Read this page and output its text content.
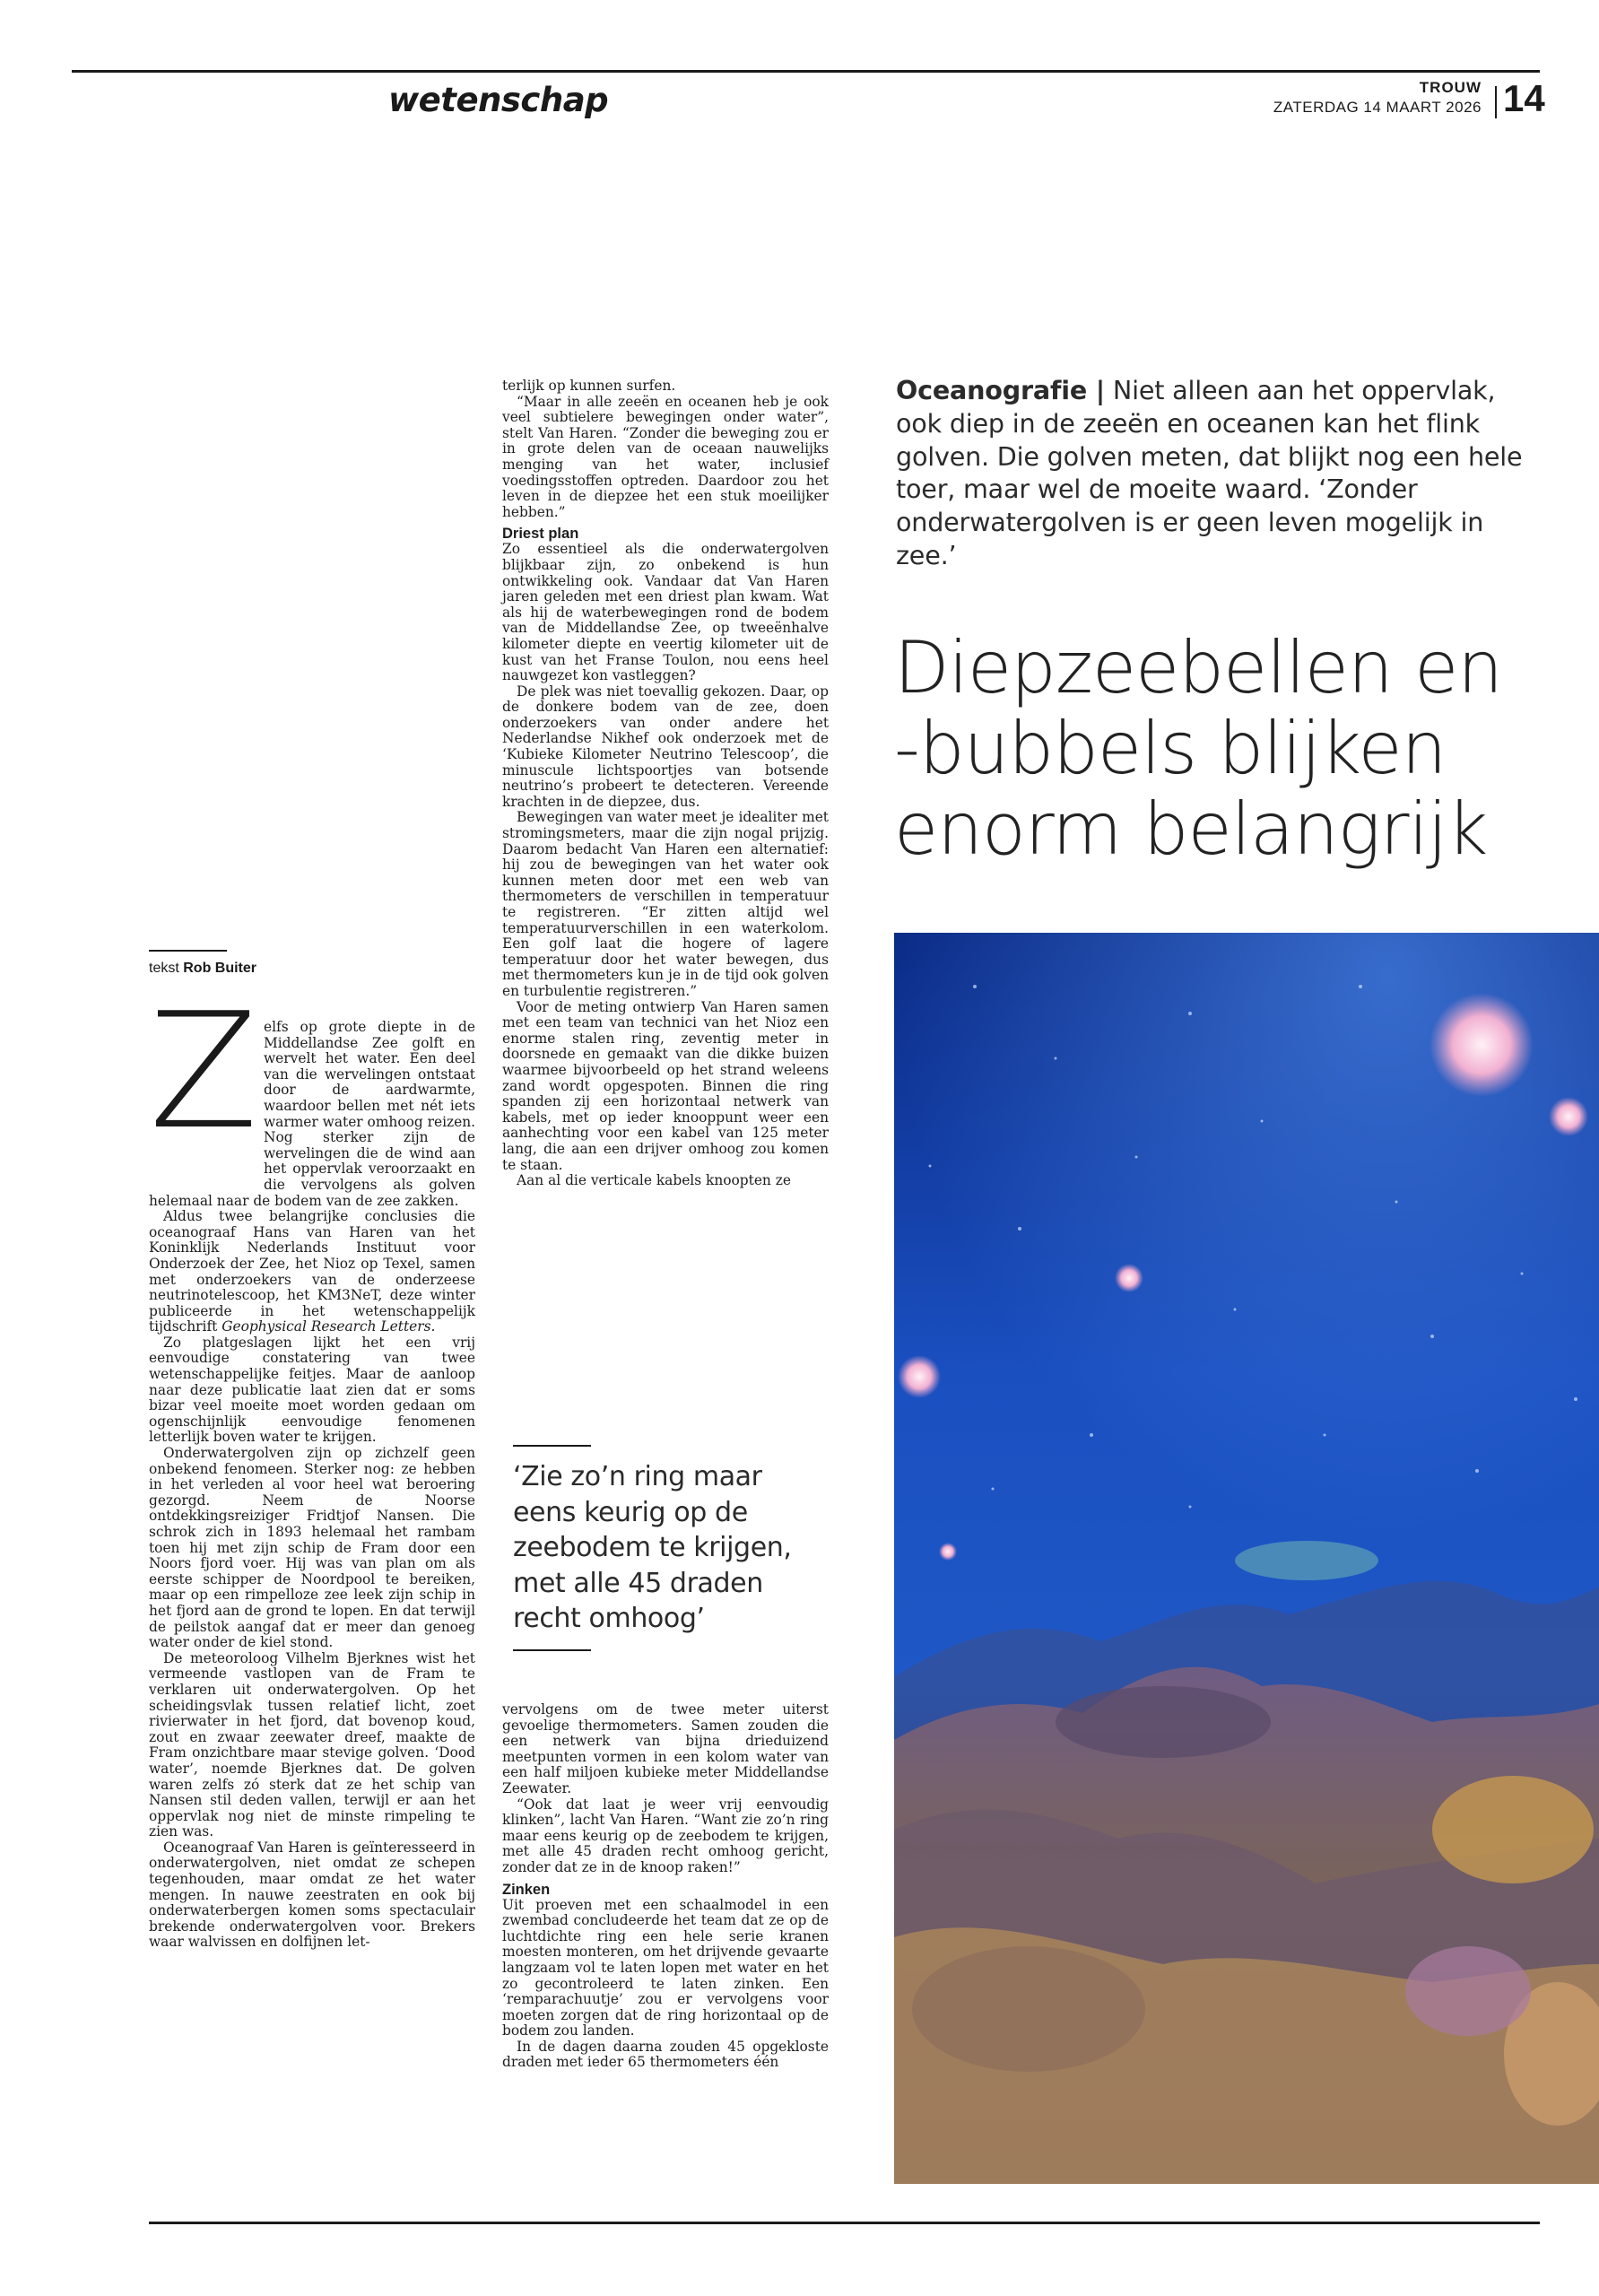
wetenschap	TROUW
ZATERDAG 14 MAART 2026 14
Oceanografie | Niet alleen aan het oppervlak, ook diep in de zeeën en oceanen kan het flink golven. Die golven meten, dat blijkt nog een hele toer, maar wel de moeite waard. ‘Zonder onderwatergolven is er geen leven mogelijk in zee.’
Diepzeebellen en
-bubbels blijken
enorm belangrijk
tekst Rob Buiter
Z elfs op grote diepte in de Middellandse Zee golft en wervelt het water. Een deel van die wervelingen ontstaat door de aardwarmte, waardoor bellen met nét iets warmer water omhoog reizen. Nog sterker zijn de wervelingen die de wind aan het oppervlak veroorzaakt en die vervolgens als golven helemaal naar de bodem van de zee zakken.

Aldus twee belangrijke conclusies die oceanograaf Hans van Haren van het Koninklijk Nederlands Instituut voor Onderzoek der Zee, het Nioz op Texel, samen met onderzoekers van de onderzeese neutrinotelescoop, het KM3NeT, deze winter publiceerde in het wetenschappelijk tijdschrift Geophysical Research Letters.

Zo platgeslagen lijkt het een vrij eenvoudige constatering van twee wetenschappelijke feitjes. Maar de aanloop naar deze publicatie laat zien dat er soms bizar veel moeite moet worden gedaan om ogenschijnlijk eenvoudige fenomenen letterlijk boven water te krijgen.

Onderwatergolven zijn op zichzelf geen onbekend fenomeen. Sterker nog: ze hebben in het verleden al voor heel wat beroering gezorgd. Neem de Noorse ontdekkingsreiziger Fridtjof Nansen. Die schrok zich in 1893 helemaal het rambam toen hij met zijn schip de Fram door een Noors fjord voer. Hij was van plan om als eerste schipper de Noordpool te bereiken, maar op een rimpelloze zee leek zijn schip in het fjord aan de grond te lopen. En dat terwijl de peilstok aangaf dat er meer dan genoeg water onder de kiel stond.

De meteoroloog Vilhelm Bjerknes wist het vermeende vastlopen van de Fram te verklaren uit onderwatergolven. Op het scheidingsvlak tussen relatief licht, zoet rivierwater in het fjord, dat bovenop koud, zout en zwaar zeewater dreef, maakte de Fram onzichtbare maar stevige golven. ‘Dood water’, noemde Bjerknes dat. De golven waren zelfs zó sterk dat ze het schip van Nansen stil deden vallen, terwijl er aan het oppervlak nog niet de minste rimpeling te zien was.

Oceanograaf Van Haren is geïnteresseerd in onderwatergolven, niet omdat ze schepen tegenhouden, maar omdat ze het water mengen. In nauwe zeestraten en ook bij onderwaterbergen komen soms spectaculair brekende onderwatergolven voor. Brekers waar walvissen en dolfijnen let-

terlijk op kunnen surfen.

“Maar in alle zeeën en oceanen heb je ook veel subtielere bewegingen onder water”, stelt Van Haren. “Zonder die beweging zou er in grote delen van de oceaan nauwelijks menging van het water, inclusief voedingsstoffen optreden. Daardoor zou het leven in de diepzee het een stuk moeilijker hebben.”

Driest plan

Zo essentieel als die onderwatergolven blijkbaar zijn, zo onbekend is hun ontwikkeling ook. Vandaar dat Van Haren jaren geleden met een driest plan kwam. Wat als hij de waterbewegingen rond de bodem van de Middellandse Zee, op tweeënhalve kilometer diepte en veertig kilometer uit de kust van het Franse Toulon, nou eens heel nauwgezet kon vastleggen?

De plek was niet toevallig gekozen. Daar, op de donkere bodem van de zee, doen onderzoekers van onder andere het Nederlandse Nikhef ook onderzoek met de ‘Kubieke Kilometer Neutrino Telescoop’, die minuscule lichtspoortjes van botsende neutrino’s probeert te detecteren. Vereende krachten in de diepzee, dus.

Bewegingen van water meet je idealiter met stromingsmeters, maar die zijn nogal prijzig. Daarom bedacht Van Haren een alternatief: hij zou de bewegingen van het water ook kunnen meten door met een web van thermometers de verschillen in temperatuur te registreren. “Er zitten altijd wel temperatuurverschillen in een waterkolom. Een golf laat die hogere of lagere temperatuur door het water bewegen, dus met thermometers kun je in de tijd ook golven en turbulentie registreren.”

Voor de meting ontwierp Van Haren samen met een team van technici van het Nioz een enorme stalen ring, zeventig meter in doorsnede en gemaakt van die dikke buizen waarmee bijvoorbeeld op het strand weleens zand wordt opgespoten. Binnen die ring spanden zij een horizontaal netwerk van kabels, met op ieder knooppunt weer een aanhechting voor een kabel van 125 meter lang, die aan een drijver omhoog zou komen te staan.

Aan al die verticale kabels knoopten ze

‘Zie zo’n ring maar eens keurig op de zeebodem te krijgen, met alle 45 draden recht omhoog’

vervolgens om de twee meter uiterst gevoelige thermometers. Samen zouden die een netwerk van bijna drieduizend meetpunten vormen in een kolom water van een half miljoen kubieke meter Middellandse Zeewater.

“Ook dat laat je weer vrij eenvoudig klinken”, lacht Van Haren. “Want zie zo’n ring maar eens keurig op de zeebodem te krijgen, met alle 45 draden recht omhoog gericht, zonder dat ze in de knoop raken!”

Zinken

Uit proeven met een schaalmodel in een zwembad concludeerde het team dat ze op de luchtdichte ring een hele serie kranen moesten monteren, om het drijvende gevaarte langzaam vol te laten lopen met water en het zo gecontroleerd te laten zinken. Een ‘remparachuutje’ zou er vervolgens voor moeten zorgen dat de ring horizontaal op de bodem zou landen.

In de dagen daarna zouden 45 opgekloste draden met ieder 65 thermometers één
